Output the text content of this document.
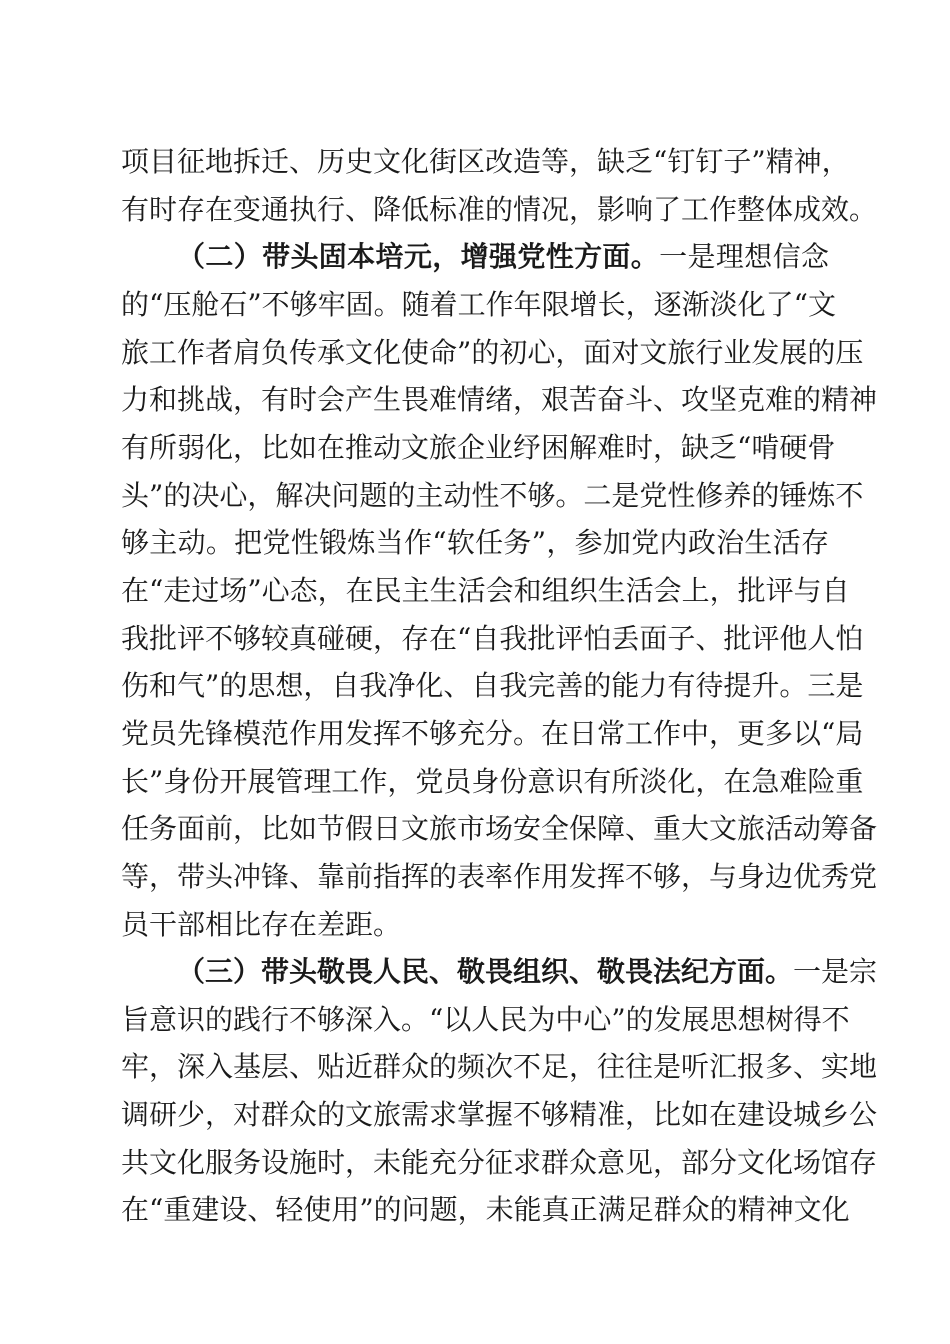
项目征地拆迁、历史文化街区改造等，缺乏“钉钉子”精神，
有时存在变通执行、降低标准的情况，影响了工作整体成效。
（二）带头固本培元，增强党性方面。一是理想信念
的“压舱石”不够牢固。随着工作年限增长，逐渐淡化了“文
旅工作者肩负传承文化使命”的初心，面对文旅行业发展的压
力和挑战，有时会产生畏难情绪，艰苦奋斗、攻坚克难的精神
有所弱化，比如在推动文旅企业纾困解难时，缺乏“啃硬骨
头”的决心，解决问题的主动性不够。二是党性修养的锤炼不
够主动。把党性锻炼当作“软任务”，参加党内政治生活存
在“走过场”心态，在民主生活会和组织生活会上，批评与自
我批评不够较真碰硬，存在“自我批评怕丢面子、批评他人怕
伤和气”的思想，自我净化、自我完善的能力有待提升。三是
党员先锋模范作用发挥不够充分。在日常工作中，更多以“局
长”身份开展管理工作，党员身份意识有所淡化，在急难险重
任务面前，比如节假日文旅市场安全保障、重大文旅活动筹备
等，带头冲锋、靠前指挥的表率作用发挥不够，与身边优秀党
员干部相比存在差距。
（三）带头敬畏人民、敬畏组织、敬畏法纪方面。一是宗
旨意识的践行不够深入。“以人民为中心”的发展思想树得不
牢，深入基层、贴近群众的频次不足，往往是听汇报多、实地
调研少，对群众的文旅需求掌握不够精准，比如在建设城乡公
共文化服务设施时，未能充分征求群众意见，部分文化场馆存
在“重建设、轻使用”的问题，未能真正满足群众的精神文化
